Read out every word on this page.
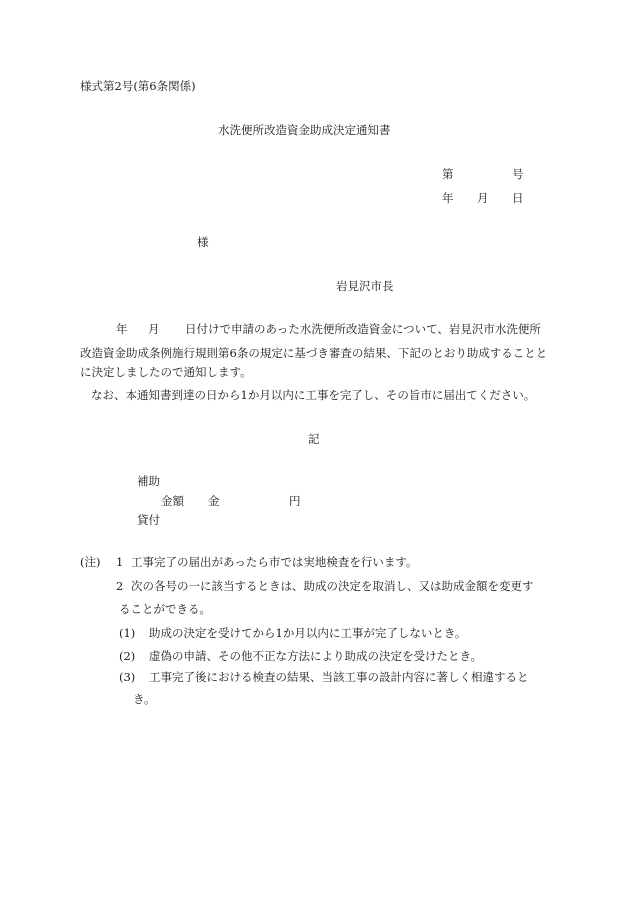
様式第2号(第6条関係)
水洗便所改造資金助成決定通知書
第	号
年 月 日
様
岩見沢市長
年 月 日付けで申請のあった水洗便所改造資金について、岩見沢市水洗便所
改造資金助成条例施行規則第6条の規定に基づき審査の結果、下記のとおり助成することと
に決定しましたので通知します。
なお、本通知書到達の日から1か月以内に工事を完了し、その旨市に届出てください。
記
補助
金額 金	円
貸付
(注) 1 工事完了の届出があったら市では実地検査を行います。
2 次の各号の一に該当するときは、助成の決定を取消し、又は助成金額を変更す
ることができる。
(1) 助成の決定を受けてから1か月以内に工事が完了しないとき。
(2) 虚偽の申請、その他不正な方法により助成の決定を受けたとき。
(3) 工事完了後における検査の結果、当該工事の設計内容に著しく相違すると
き。
